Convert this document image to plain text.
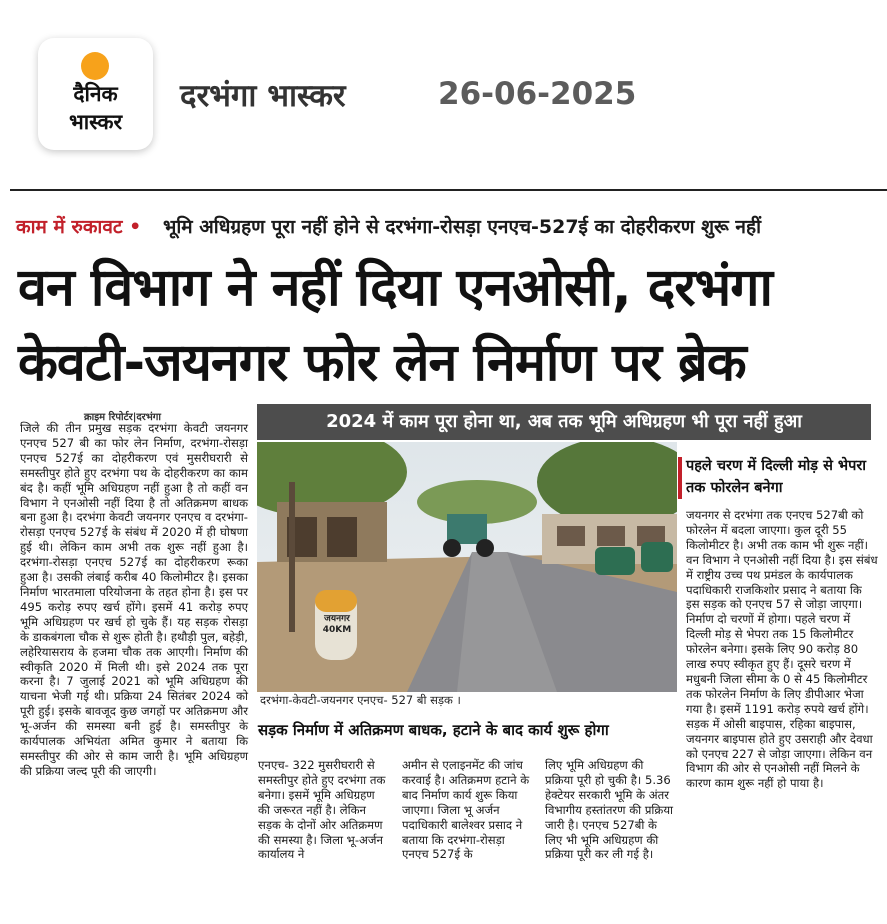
दैनिक
भास्कर
दरभंगा भास्कर	26-06-2025
काम में रुकावट • भूमि अधिग्रहण पूरा नहीं होने से दरभंगा-रोसड़ा एनएच-527ई का दोहरीकरण शुरू नहीं
वन विभाग ने नहीं दिया एनओसी, दरभंगा
केवटी-जयनगर फोर लेन निर्माण पर ब्रेक
क्राइम रिपोर्टर|दरभंगा
जिले की तीन प्रमुख सड़क दरभंगा केवटी जयनगर एनएच 527 बी का फोर लेन निर्माण, दरभंगा-रोसड़ा एनएच 527ई का दोहरीकरण एवं मुसरीघरारी से समस्तीपुर होते हुए दरभंगा पथ के दोहरीकरण का काम बंद है। कहीं भूमि अधिग्रहण नहीं हुआ है तो कहीं वन विभाग ने एनओसी नहीं दिया है तो अतिक्रमण बाधक बना हुआ है। दरभंगा केवटी जयनगर एनएच व दरभंगा-रोसड़ा एनएच 527ई के संबंध में 2020 में ही घोषणा हुई थी। लेकिन काम अभी तक शुरू नहीं हुआ है।दरभंगा-रोसड़ा एनएच 527ई का दोहरीकरण रूका हुआ है। उसकी लंबाई करीब 40 किलोमीटर है। इसका निर्माण भारतमाला परियोजना के तहत होना है। इस पर 495 करोड़ रुपए खर्च होंगे। इसमें 41 करोड़ रुपए भूमि अधिग्रहण पर खर्च हो चुके हैं। यह सड़क रोसड़ा के डाकबंगला चौक से शुरू होती है। हथौड़ी पुल, बहेड़ी, लहेरियासराय के हजमा चौक तक आएगी। निर्माण की स्वीकृति 2020 में मिली थी। इसे 2024 तक पूरा करना है। 7 जुलाई 2021 को भूमि अधिग्रहण की याचना भेजी गई थी। प्रक्रिया 24 सितंबर 2024 को पूरी हुई। इसके बावजूद कुछ जगहों पर अतिक्रमण और भू-अर्जन की समस्या बनी हुई है। समस्तीपुर के कार्यपालक अभियंता अमित कुमार ने बताया कि समस्तीपुर की ओर से काम जारी है। भूमि अधिग्रहण की प्रक्रिया जल्द पूरी की जाएगी।
2024 में काम पूरा होना था, अब तक भूमि अधिग्रहण भी पूरा नहीं हुआ
जयनगर 40KM
दरभंगा-केवटी-जयनगर एनएच- 527 बी सड़क ।
पहले चरण में दिल्ली मोड़ से भेपरा तक फोरलेन बनेगा
जयनगर से दरभंगा तक एनएच 527बी को फोरलेन में बदला जाएगा। कुल दूरी 55 किलोमीटर है। अभी तक काम भी शुरू नहीं। वन विभाग ने एनओसी नहीं दिया है। इस संबंध में राष्ट्रीय उच्च पथ प्रमंडल के कार्यपालक पदाधिकारी राजकिशोर प्रसाद ने बताया कि इस सड़क को एनएच 57 से जोड़ा जाएगा। निर्माण दो चरणों में होगा। पहले चरण में दिल्ली मोड़ से भेपरा तक 15 किलोमीटर फोरलेन बनेगा। इसके लिए 90 करोड़ 80 लाख रुपए स्वीकृत हुए हैं। दूसरे चरण में मधुबनी जिला सीमा के 0 से 45 किलोमीटर तक फोरलेन निर्माण के लिए डीपीआर भेजा गया है। इसमें 1191 करोड़ रुपये खर्च होंगे। सड़क में ओसी बाइपास, रहिका बाइपास, जयनगर बाइपास होते हुए उसराही और देवधा को एनएच 227 से जोड़ा जाएगा। लेकिन वन विभाग की ओर से एनओसी नहीं मिलने के कारण काम शुरू नहीं हो पाया है।
सड़क निर्माण में अतिक्रमण बाधक, हटाने के बाद कार्य शुरू होगा
एनएच- 322 मुसरीघरारी से समस्तीपुर होते हुए दरभंगा तक बनेगा। इसमें भूमि अधिग्रहण की जरूरत नहीं है। लेकिन सड़क के दोनों ओर अतिक्रमण की समस्या है। जिला भू-अर्जन कार्यालय ने
अमीन से एलाइनमेंट की जांच करवाई है। अतिक्रमण हटाने के बाद निर्माण कार्य शुरू किया जाएगा। जिला भू अर्जन पदाधिकारी बालेश्वर प्रसाद ने बताया कि दरभंगा-रोसड़ा एनएच 527ई के
लिए भूमि अधिग्रहण की प्रक्रिया पूरी हो चुकी है। 5.36 हेक्टेयर सरकारी भूमि के अंतर विभागीय हस्तांतरण की प्रक्रिया जारी है। एनएच 527बी के लिए भी भूमि अधिग्रहण की प्रक्रिया पूरी कर ली गई है।
